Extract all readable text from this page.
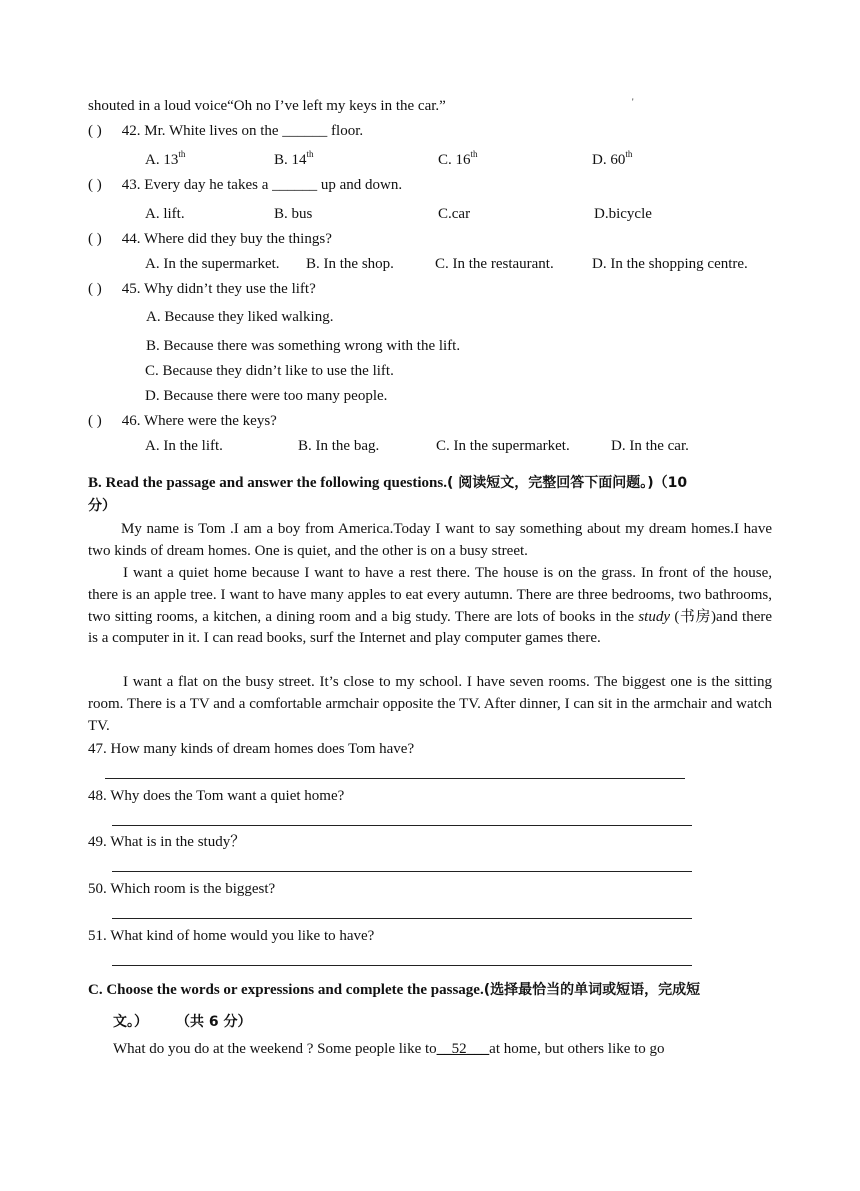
shouted in a loud voice“Oh no I’ve left my keys in the car.”	'
( ) 42. Mr. White lives on the ______ floor.
A. 13th	B. 14th	C. 16th	D. 60th
( ) 43. Every day he takes a ______ up and down.
A. lift.	B. bus	C.car	D.bicycle
( ) 44. Where did they buy the things?
A. In the supermarket. B. In the shop.	C. In the restaurant.	D. In the shopping centre.
( ) 45. Why didn’t they use the lift?
A. Because they liked walking.
B. Because there was something wrong with the lift.
C. Because they didn’t like to use the lift.
D. Because there were too many people.
( ) 46. Where were the keys?
A. In the lift.	B. In the bag.	C. In the supermarket.	D. In the car.
B. Read the passage and answer the following questions.( 阅读短文，完整回答下面问题。)（10
分）
My name is Tom .I am a boy from America.Today I want to say something about my dream homes.I have two kinds of dream homes. One is quiet, and the other is on a busy street.
I want a quiet home because I want to have a rest there. The house is on the grass. In front of the house, there is an apple tree. I want to have many apples to eat every autumn. There are three bedrooms, two bathrooms, two sitting rooms, a kitchen, a dining room and a big study. There are lots of books in the study (书房)and there is a computer in it. I can read books, surf the Internet and play computer games there.
I want a flat on the busy street. It’s close to my school. I have seven rooms. The biggest one is the sitting room. There is a TV and a comfortable armchair opposite the TV. After dinner, I can sit in the armchair and watch TV.
47. How many kinds of dream homes does Tom have?
48. Why does the Tom want a quiet home?
49. What is in the study？
50. Which room is the biggest?
51. What kind of home would you like to have?
C. Choose the words or expressions and complete the passage.(选择最恰当的单词或短语，完成短
文。） （共 6 分）
What do you do at the weekend ? Some people like to__52___at home, but others like to go
